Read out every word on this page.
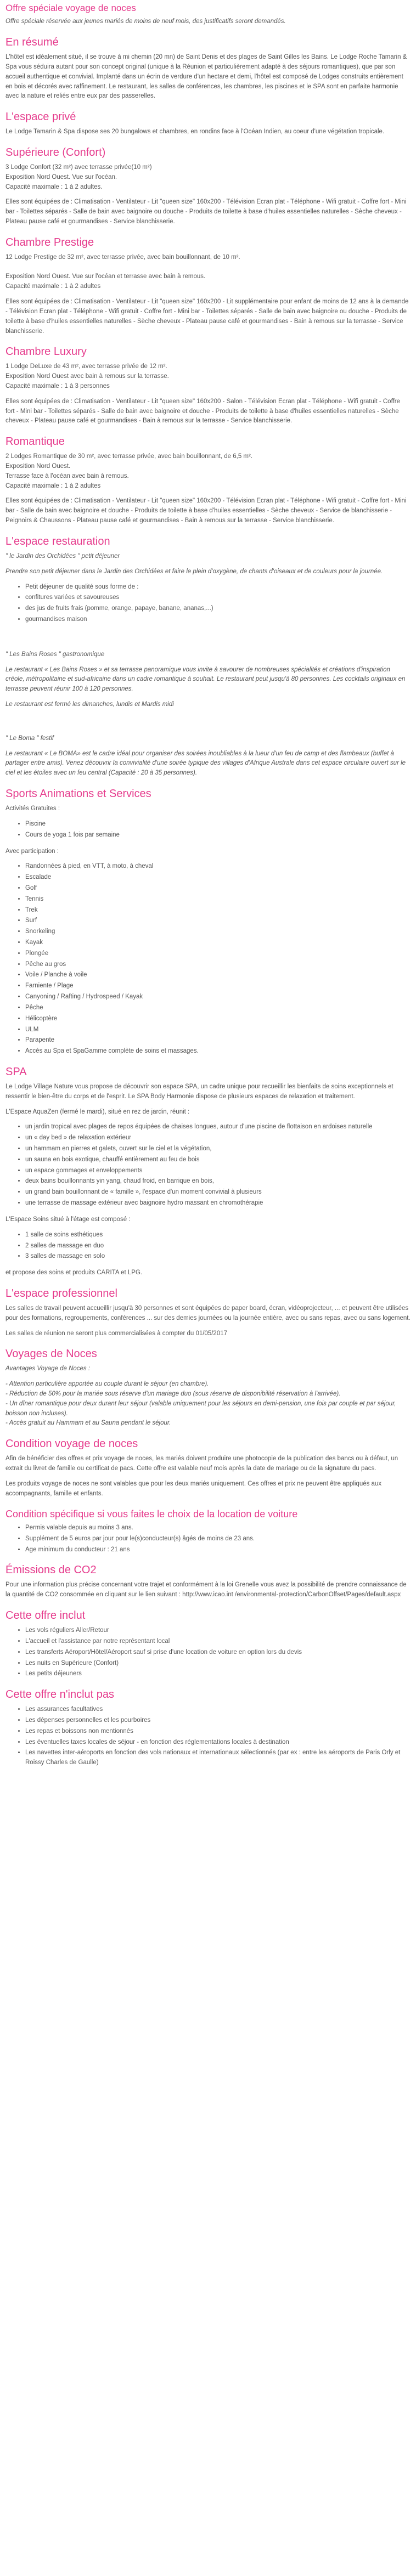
Offre spéciale voyage de noces

Offre spéciale réservée aux jeunes mariés de moins de neuf mois, des justificatifs seront demandés.

En résumé

L'hôtel est idéalement situé, il se trouve à mi chemin (20 mn) de Saint Denis et des plages de Saint Gilles les Bains. Le Lodge Roche Tamarin & Spa vous séduira autant pour son concept original (unique à la Réunion et particulièrement adapté à des séjours romantiques), que par son accueil authentique et convivial. Implanté dans un écrin de verdure d'un hectare et demi, l'hôtel est composé de Lodges construits entièrement en bois et décorés avec raffinement. Le restaurant, les salles de conférences, les chambres, les piscines et le SPA sont en parfaite harmonie avec la nature et reliés entre eux par des passerelles.

L'espace privé

Le Lodge Tamarin & Spa dispose ses 20 bungalows et chambres, en rondins face à l'Océan Indien, au coeur d'une végétation tropicale.

Supérieure (Confort)

3 Lodge Confort (32 m²) avec terrasse privée(10 m²)
Exposition Nord Ouest. Vue sur l'océan.
Capacité maximale : 1 à 2 adultes.

Elles sont équipées de : Climatisation - Ventilateur - Lit "queen size" 160x200 - Télévision Ecran plat - Téléphone - Wifi gratuit - Coffre fort - Mini bar - Toilettes séparés - Salle de bain avec baignoire ou douche - Produits de toilette à base d'huiles essentielles naturelles - Sèche cheveux - Plateau pause café et gourmandises - Service blanchisserie.

Chambre Prestige

12 Lodge Prestige de 32 m², avec terrasse privée, avec bain bouillonnant, de 10 m².

Exposition Nord Ouest. Vue sur l'océan et terrasse avec bain à remous.
Capacité maximale : 1 à 2 adultes

Elles sont équipées de : Climatisation - Ventilateur - Lit "queen size" 160x200 - Lit supplémentaire pour enfant de moins de 12 ans à la demande - Télévision Ecran plat - Téléphone - Wifi gratuit - Coffre fort - Mini bar - Toilettes séparés - Salle de bain avec baignoire ou douche - Produits de toilette à base d'huiles essentielles naturelles - Sèche cheveux - Plateau pause café et gourmandises - Bain à remous sur la terrasse - Service blanchisserie.

Chambre Luxury

1 Lodge DeLuxe de 43 m², avec terrasse privée de 12 m².
Exposition Nord Ouest avec bain à remous sur la terrasse.
Capacité maximale : 1 à 3 personnes

Elles sont équipées de : Climatisation - Ventilateur - Lit "queen size" 160x200 - Salon - Télévision Ecran plat - Téléphone - Wifi gratuit - Coffre fort - Mini bar - Toilettes séparés - Salle de bain avec baignoire et douche - Produits de toilette à base d'huiles essentielles naturelles - Sèche cheveux - Plateau pause café et gourmandises - Bain à remous sur la terrasse - Service blanchisserie.

Romantique

2 Lodges Romantique de 30 m², avec terrasse privée, avec bain bouillonnant, de 6,5 m².
Exposition Nord Ouest.
Terrasse face à l'océan avec bain à remous.
Capacité maximale : 1 à 2 adultes

Elles sont équipées de : Climatisation - Ventilateur - Lit "queen size" 160x200 - Télévision Ecran plat - Téléphone - Wifi gratuit - Coffre fort - Mini bar - Salle de bain avec baignoire et douche - Produits de toilette à base d'huiles essentielles - Sèche cheveux - Service de blanchisserie - Peignoirs & Chaussons - Plateau pause café et gourmandises - Bain à remous sur la terrasse - Service blanchisserie.

L'espace restauration

" le Jardin des Orchidées " petit déjeuner

Prendre son petit déjeuner dans le Jardin des Orchidées et faire le plein d'oxygène, de chants d'oiseaux et de couleurs pour la journée.

• Petit déjeuner de qualité sous forme de :
• confitures variées et savoureuses
• des jus de fruits frais (pomme, orange, papaye, banane, ananas,...)
• gourmandises maison

" Les Bains Roses " gastronomique

Le restaurant « Les Bains Roses » et sa terrasse panoramique vous invite à savourer de nombreuses spécialités et créations d'inspiration créole, métropolitaine et sud-africaine dans un cadre romantique à souhait. Le restaurant peut jusqu'à 80 personnes. Les cocktails originaux en terrasse peuvent réunir 100 à 120 personnes.

Le restaurant est fermé les dimanches, lundis et Mardis midi

" Le Boma " festif

Le restaurant « Le BOMA» est le cadre idéal pour organiser des soirées inoubliables à la lueur d'un feu de camp et des flambeaux (buffet à partager entre amis). Venez découvrir la convivialité d'une soirée typique des villages d'Afrique Australe dans cet espace circulaire ouvert sur le ciel et les étoiles avec un feu central (Capacité : 20 à 35 personnes).

Sports Animations et Services

Activités Gratuites :

• Piscine
• Cours de yoga 1 fois par semaine

Avec participation :

• Randonnées à pied, en VTT, à moto, à cheval
• Escalade
• Golf
• Tennis
• Trek
• Surf
• Snorkeling
• Kayak
• Plongée
• Pêche au gros
• Voile / Planche à voile
• Farniente / Plage
• Canyoning / Rafting / Hydrospeed / Kayak
• Pêche
• Hélicoptère
• ULM
• Parapente
• Accès au Spa et SpaGamme complète de soins et massages.
SPA

Le Lodge Village Nature vous propose de découvrir son espace SPA, un cadre unique pour recueillir les bienfaits de soins exceptionnels et ressentir le bien-être du corps et de l'esprit. Le SPA Body Harmonie dispose de plusieurs espaces de relaxation et traitement.

L'Espace AquaZen (fermé le mardi), situé en rez de jardin, réunit :

• un jardin tropical avec plages de repos équipées de chaises longues, autour d'une piscine de flottaison en ardoises naturelle
• un « day bed » de relaxation extérieur
• un hammam en pierres et galets, ouvert sur le ciel et la végétation,
• un sauna en bois exotique, chauffé entièrement au feu de bois
• un espace gommages et enveloppements
• deux bains bouillonnants yin yang, chaud froid, en barrique en bois,
• un grand bain bouillonnant de « famille », l'espace d'un moment convivial à plusieurs
• une terrasse de massage extérieur avec baignoire hydro massant en chromothérapie

L'Espace Soins situé à l'étage est composé :

• 1 salle de soins esthétiques
• 2 salles de massage en duo
• 3 salles de massage en solo

et propose des soins et produits CARITA et LPG.

L'espace professionnel

Les salles de travail peuvent accueillir jusqu'à 30 personnes et sont équipées de paper board, écran, vidéoprojecteur, ... et peuvent être utilisées pour des formations, regroupements, conférences ... sur des demies journées ou la journée entière, avec ou sans repas, avec ou sans logement.

Les salles de réunion ne seront plus commercialisées à compter du 01/05/2017

Voyages de Noces

Avantages Voyage de Noces :

- Attention particulière apportée au couple durant le séjour (en chambre).
- Réduction de 50% pour la mariée sous réserve d'un mariage duo (sous réserve de disponibilité réservation à l'arrivée).
- Un dîner romantique pour deux durant leur séjour (valable uniquement pour les séjours en demi-pension, une fois par couple et par séjour, boisson non incluses).
- Accès gratuit au Hammam et au Sauna pendant le séjour.

Condition voyage de noces

Afin de bénéficier des offres et prix voyage de noces, les mariés doivent produire une photocopie de la publication des bancs ou à défaut, un extrait du livret de famille ou certificat de pacs. Cette offre est valable neuf mois après la date de mariage ou de la signature du pacs.

Les produits voyage de noces ne sont valables que pour les deux mariés uniquement. Ces offres et prix ne peuvent être appliqués aux accompagnants, famille et enfants.

Condition spécifique si vous faites le choix de la location de voiture
• Permis valable depuis au moins 3 ans.
• Supplément de 5 euros par jour pour le(s)conducteur(s) âgés de moins de 23 ans.
• Age minimum du conducteur : 21 ans
Émissions de CO2

Pour une information plus précise concernant votre trajet et conformément à la loi Grenelle vous avez la possibilité de prendre connaissance de la quantité de CO2 consommée en cliquant sur le lien suivant : http://www.icao.int /environmental-protection/CarbonOffset/Pages/default.aspx

Cette offre inclut
• Les vols réguliers Aller/Retour
• L'accueil et l'assistance par notre représentant local
• Les transferts Aéroport/Hôtel/Aéroport sauf si prise d'une location de voiture en option lors du devis
• Les nuits en Supérieure (Confort)
• Les petits déjeuners
Cette offre n'inclut pas
• Les assurances facultatives
• Les dépenses personnelles et les pourboires
• Les repas et boissons non mentionnés
• Les éventuelles taxes locales de séjour - en fonction des réglementations locales à destination
• Les navettes inter-aéroports en fonction des vols nationaux et internationaux sélectionnés (par ex : entre les aéroports de Paris Orly et Roissy Charles de Gaulle)
